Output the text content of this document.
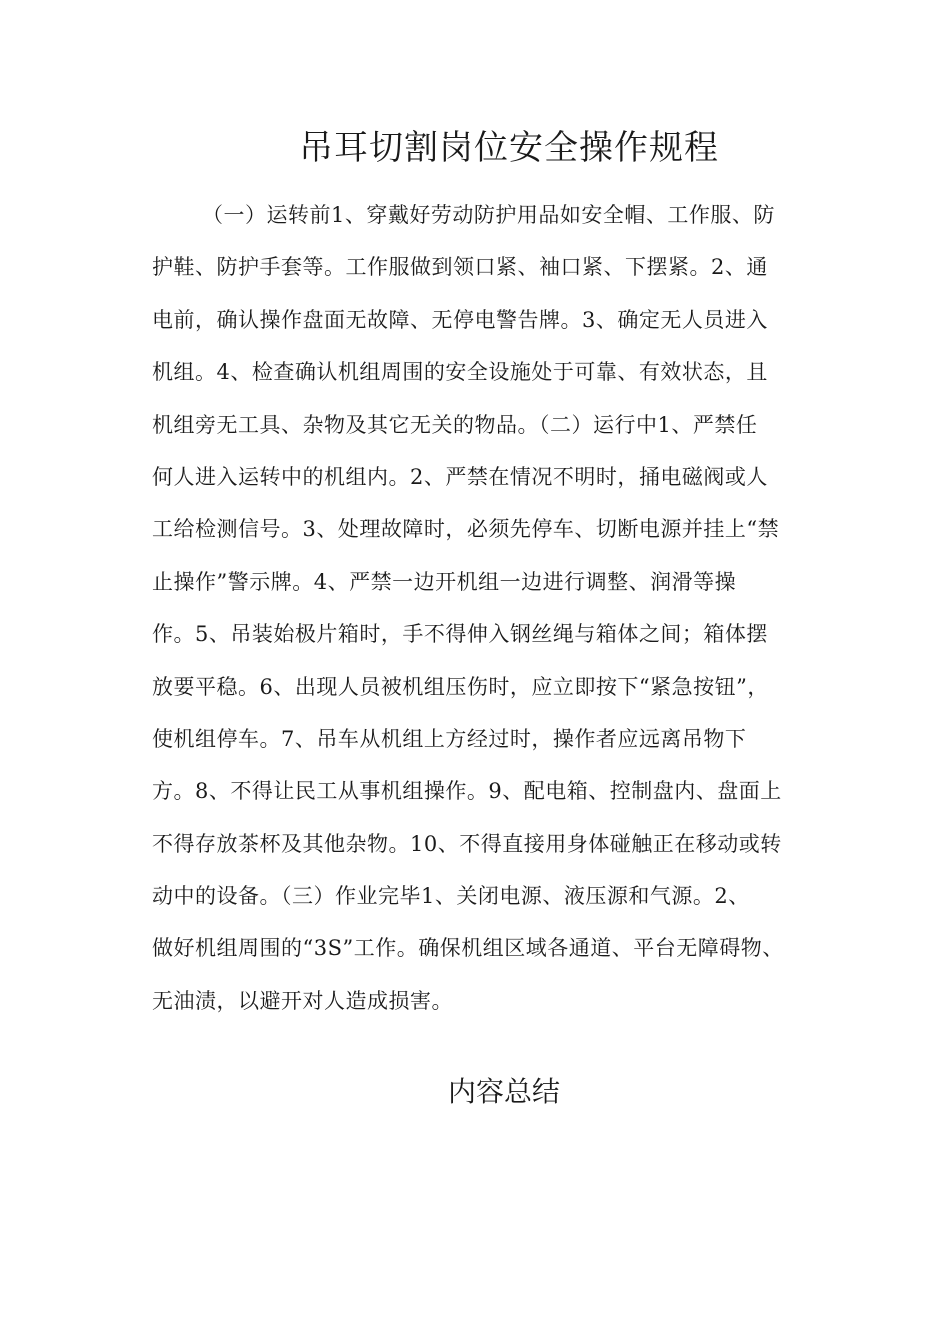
吊耳切割岗位安全操作规程
（一）运转前1、穿戴好劳动防护用品如安全帽、工作服、防
护鞋、防护手套等。工作服做到领口紧、袖口紧、下摆紧。2、通
电前，确认操作盘面无故障、无停电警告牌。3、确定无人员进入
机组。4、检查确认机组周围的安全设施处于可靠、有效状态，且
机组旁无工具、杂物及其它无关的物品。（二）运行中1、严禁任
何人进入运转中的机组内。2、严禁在情况不明时，捅电磁阀或人
工给检测信号。3、处理故障时，必须先停车、切断电源并挂上“禁
止操作”警示牌。4、严禁一边开机组一边进行调整、润滑等操
作。5、吊装始极片箱时，手不得伸入钢丝绳与箱体之间；箱体摆
放要平稳。6、出现人员被机组压伤时，应立即按下“紧急按钮”，
使机组停车。7、吊车从机组上方经过时，操作者应远离吊物下
方。8、不得让民工从事机组操作。9、配电箱、控制盘内、盘面上
不得存放茶杯及其他杂物。10、不得直接用身体碰触正在移动或转
动中的设备。（三）作业完毕1、关闭电源、液压源和气源。2、
做好机组周围的“3S”工作。确保机组区域各通道、平台无障碍物、
无油渍，以避开对人造成损害。
内容总结
